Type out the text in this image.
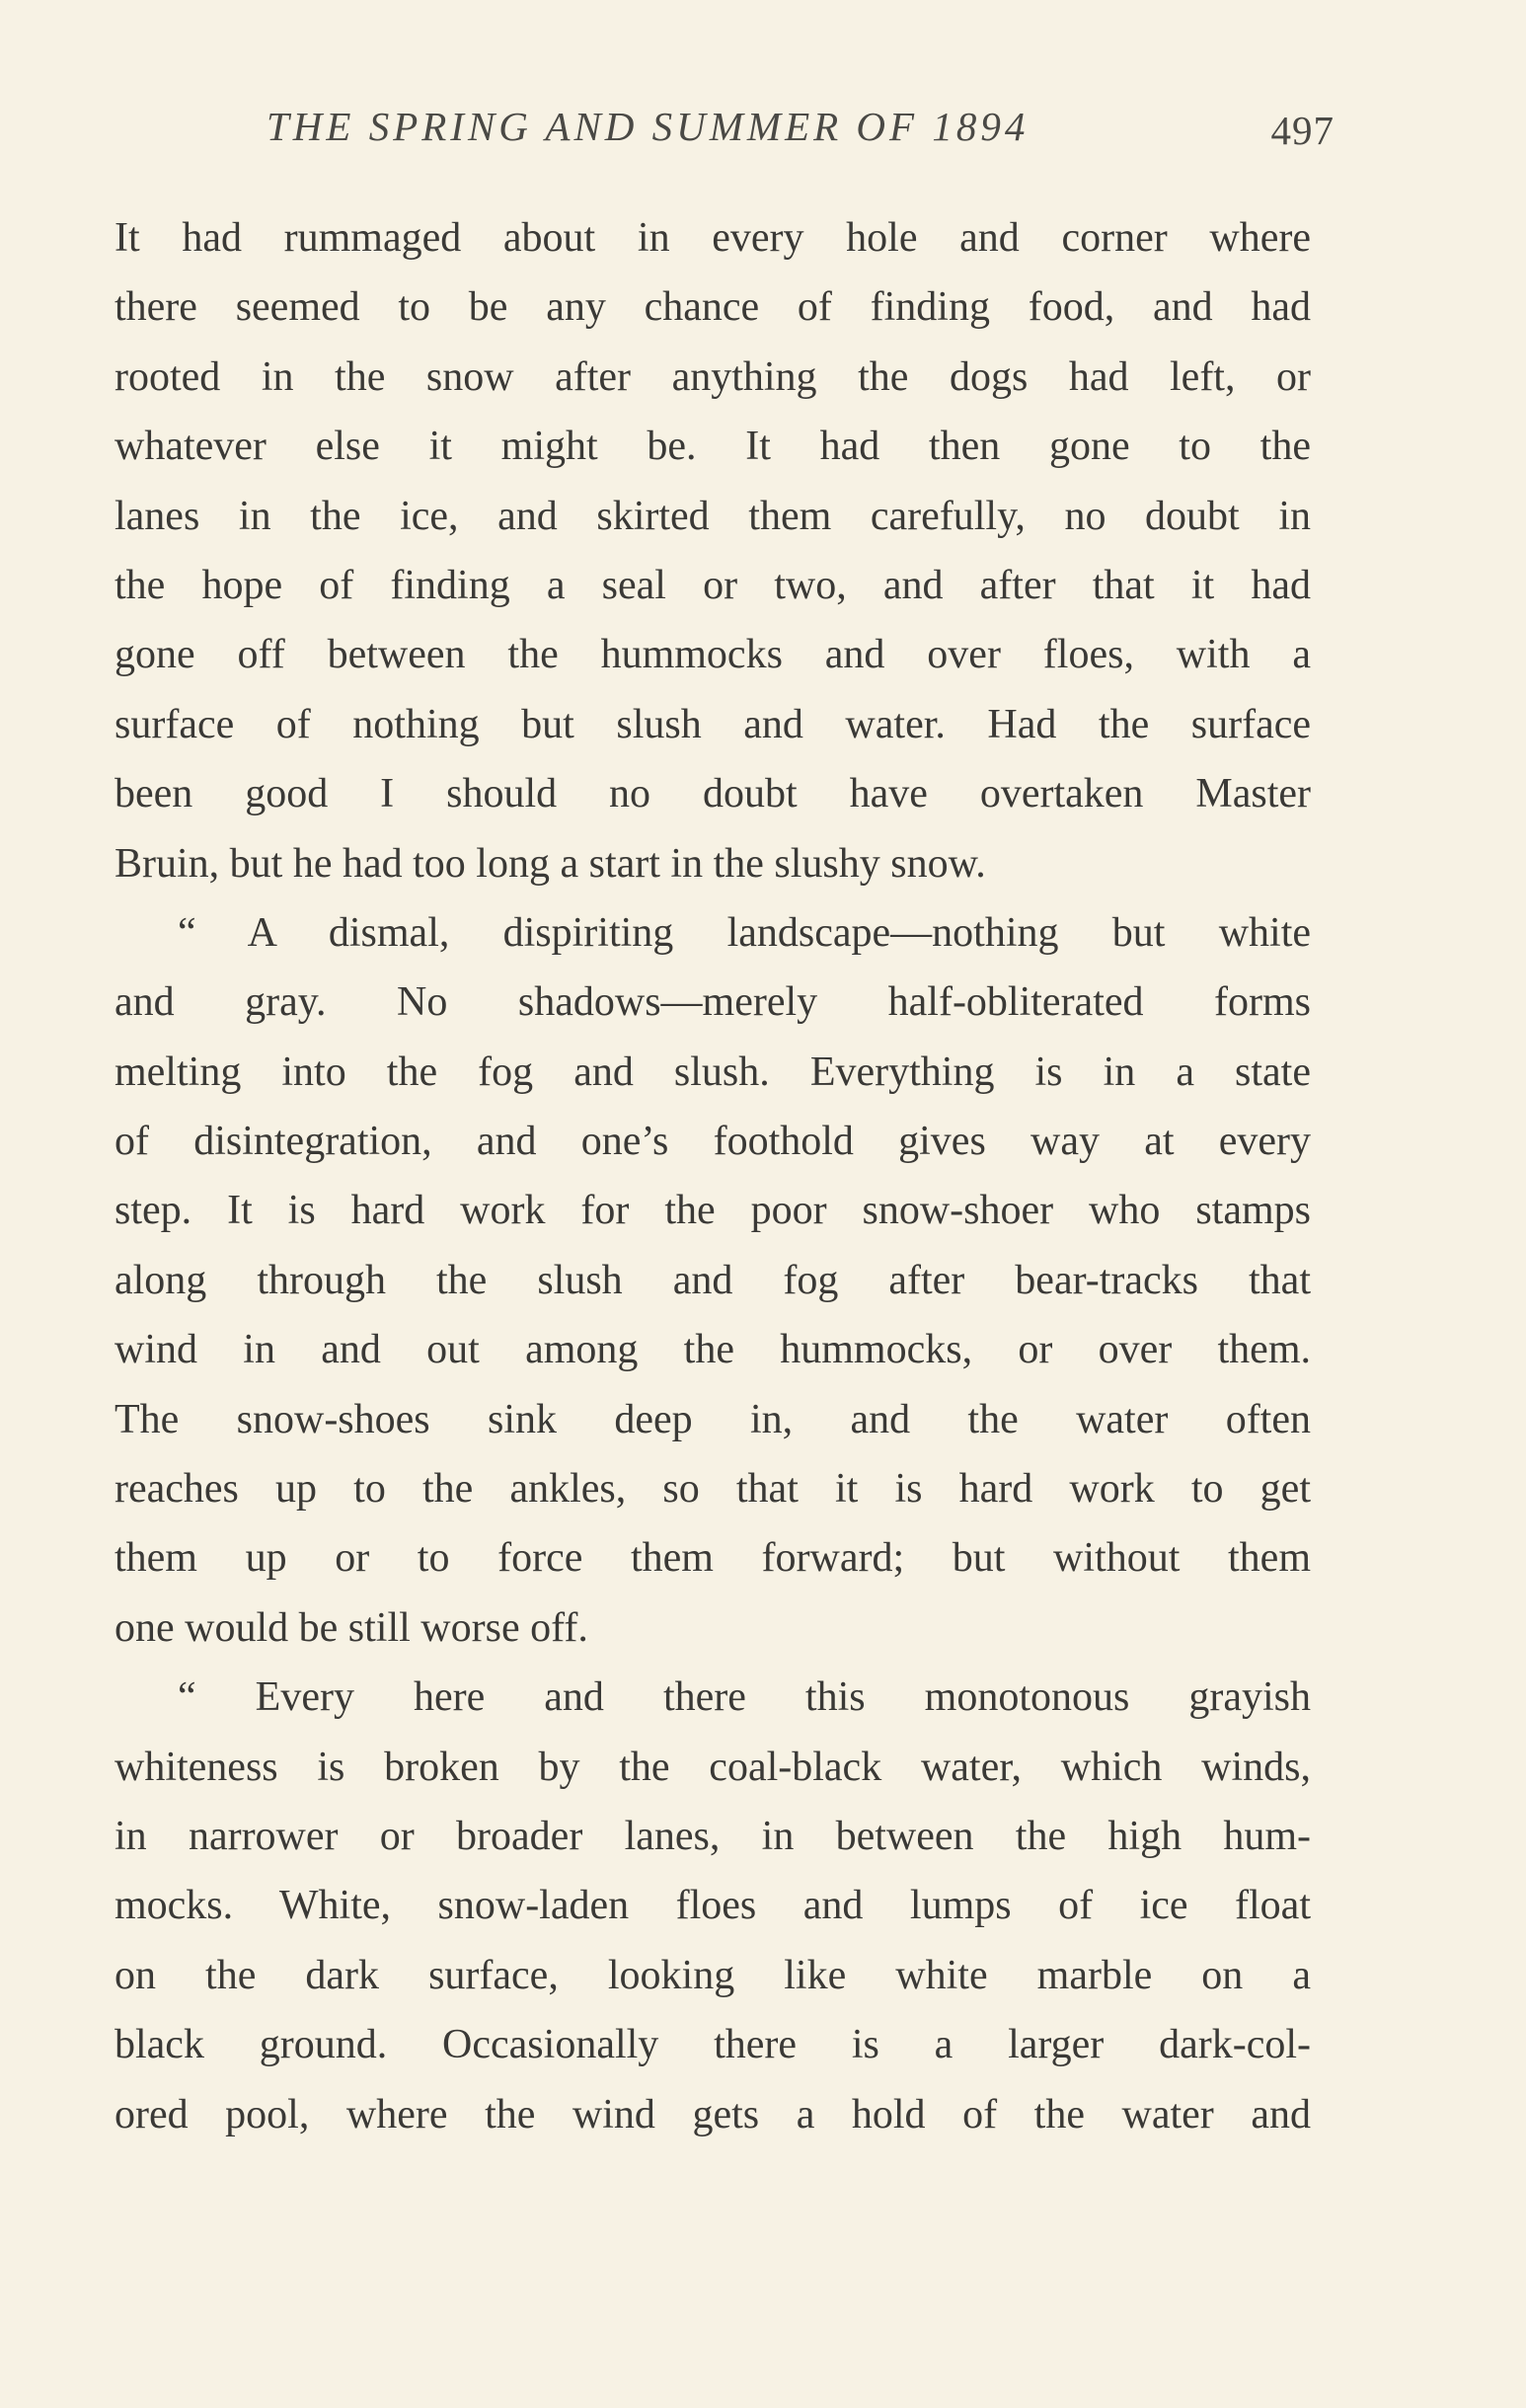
THE SPRING AND SUMMER OF 1894	497
It had rummaged about in every hole and corner where
there seemed to be any chance of finding food, and had
rooted in the snow after anything the dogs had left, or
whatever else it might be. It had then gone to the
lanes in the ice, and skirted them carefully, no doubt in
the hope of finding a seal or two, and after that it had
gone off between the hummocks and over floes, with a
surface of nothing but slush and water. Had the surface
been good I should no doubt have overtaken Master
Bruin, but he had too long a start in the slushy snow.
“ A dismal, dispiriting landscape—nothing but white
and gray. No shadows—merely half-obliterated forms
melting into the fog and slush. Everything is in a state
of disintegration, and one’s foothold gives way at every
step. It is hard work for the poor snow-shoer who stamps
along through the slush and fog after bear-tracks that
wind in and out among the hummocks, or over them.
The snow-shoes sink deep in, and the water often
reaches up to the ankles, so that it is hard work to get
them up or to force them forward; but without them
one would be still worse off.
“ Every here and there this monotonous grayish
whiteness is broken by the coal-black water, which winds,
in narrower or broader lanes, in between the high hum-
mocks. White, snow-laden floes and lumps of ice float
on the dark surface, looking like white marble on a
black ground. Occasionally there is a larger dark-col-
ored pool, where the wind gets a hold of the water and
